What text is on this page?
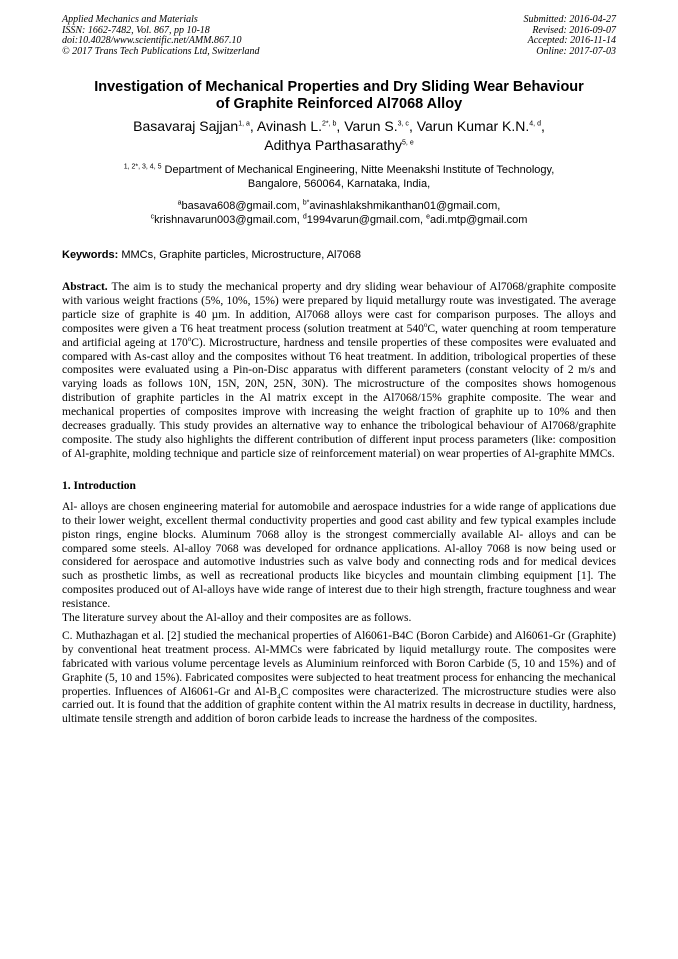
Applied Mechanics and Materials
ISSN: 1662-7482, Vol. 867, pp 10-18
doi:10.4028/www.scientific.net/AMM.867.10
© 2017 Trans Tech Publications Ltd, Switzerland
Submitted: 2016-04-27
Revised: 2016-09-07
Accepted: 2016-11-14
Online: 2017-07-03
Investigation of Mechanical Properties and Dry Sliding Wear Behaviour
of Graphite Reinforced Al7068 Alloy
Basavaraj Sajjan$^{1, a}$, Avinash L.$^{2*, b}$, Varun S.$^{3, c}$, Varun Kumar K.N.$^{4, d}$,
Adithya Parthasarathy$^{5, e}$
$^{1, 2*, 3, 4, 5}$ Department of Mechanical Engineering, Nitte Meenakshi Institute of Technology,
Bangalore, 560064, Karnataka, India,
$^a$basava608@gmail.com, $^{b*}$avinashlakshmikanthan01@gmail.com,
$^c$krishnavarun003@gmail.com, $^d$1994varun@gmail.com, $^e$adi.mtp@gmail.com
Keywords: MMCs, Graphite particles, Microstructure, Al7068
Abstract. The aim is to study the mechanical property and dry sliding wear behaviour of Al7068/graphite composite with various weight fractions (5%, 10%, 15%) were prepared by liquid metallurgy route was investigated. The average particle size of graphite is 40 µm. In addition, Al7068 alloys were cast for comparison purposes. The alloys and composites were given a T6 heat treatment process (solution treatment at 540$^o$C, water quenching at room temperature and artificial ageing at 170$^o$C). Microstructure, hardness and tensile properties of these composites were evaluated and compared with As-cast alloy and the composites without T6 heat treatment. In addition, tribological properties of these composites were evaluated using a Pin-on-Disc apparatus with different parameters (constant velocity of 2 m/s and varying loads as follows 10N, 15N, 20N, 25N, 30N). The microstructure of the composites shows homogenous distribution of graphite particles in the Al matrix except in the Al7068/15% graphite composite. The wear and mechanical properties of composites improve with increasing the weight fraction of graphite up to 10% and then decreases gradually. This study provides an alternative way to enhance the tribological behaviour of Al7068/graphite composite. The study also highlights the different contribution of different input process parameters (like: composition of Al-graphite, molding technique and particle size of reinforcement material) on wear properties of Al-graphite MMCs.
1. Introduction
Al- alloys are chosen engineering material for automobile and aerospace industries for a wide range of applications due to their lower weight, excellent thermal conductivity properties and good cast ability and few typical examples include piston rings, engine blocks. Aluminum 7068 alloy is the strongest commercially available Al- alloys and can be compared some steels. Al-alloy 7068 was developed for ordnance applications. Al-alloy 7068 is now being used or considered for aerospace and automotive industries such as valve body and connecting rods and for medical devices such as prosthetic limbs, as well as recreational products like bicycles and mountain climbing equipment [1]. The composites produced out of Al-alloys have wide range of interest due to their high strength, fracture toughness and wear resistance.
The literature survey about the Al-alloy and their composites are as follows.
C. Muthazhagan et al. [2] studied the mechanical properties of Al6061-B4C (Boron Carbide) and Al6061-Gr (Graphite) by conventional heat treatment process. Al-MMCs were fabricated by liquid metallurgy route. The composites were fabricated with various volume percentage levels as Aluminium reinforced with Boron Carbide (5, 10 and 15%) and of Graphite (5, 10 and 15%). Fabricated composites were subjected to heat treatment process for enhancing the mechanical properties. Influences of Al6061-Gr and $Al-B_4C$ composites were characterized. The microstructure studies were also carried out. It is found that the addition of graphite content within the Al matrix results in decrease in ductility, hardness, ultimate tensile strength and addition of boron carbide leads to increase the hardness of the composites.
